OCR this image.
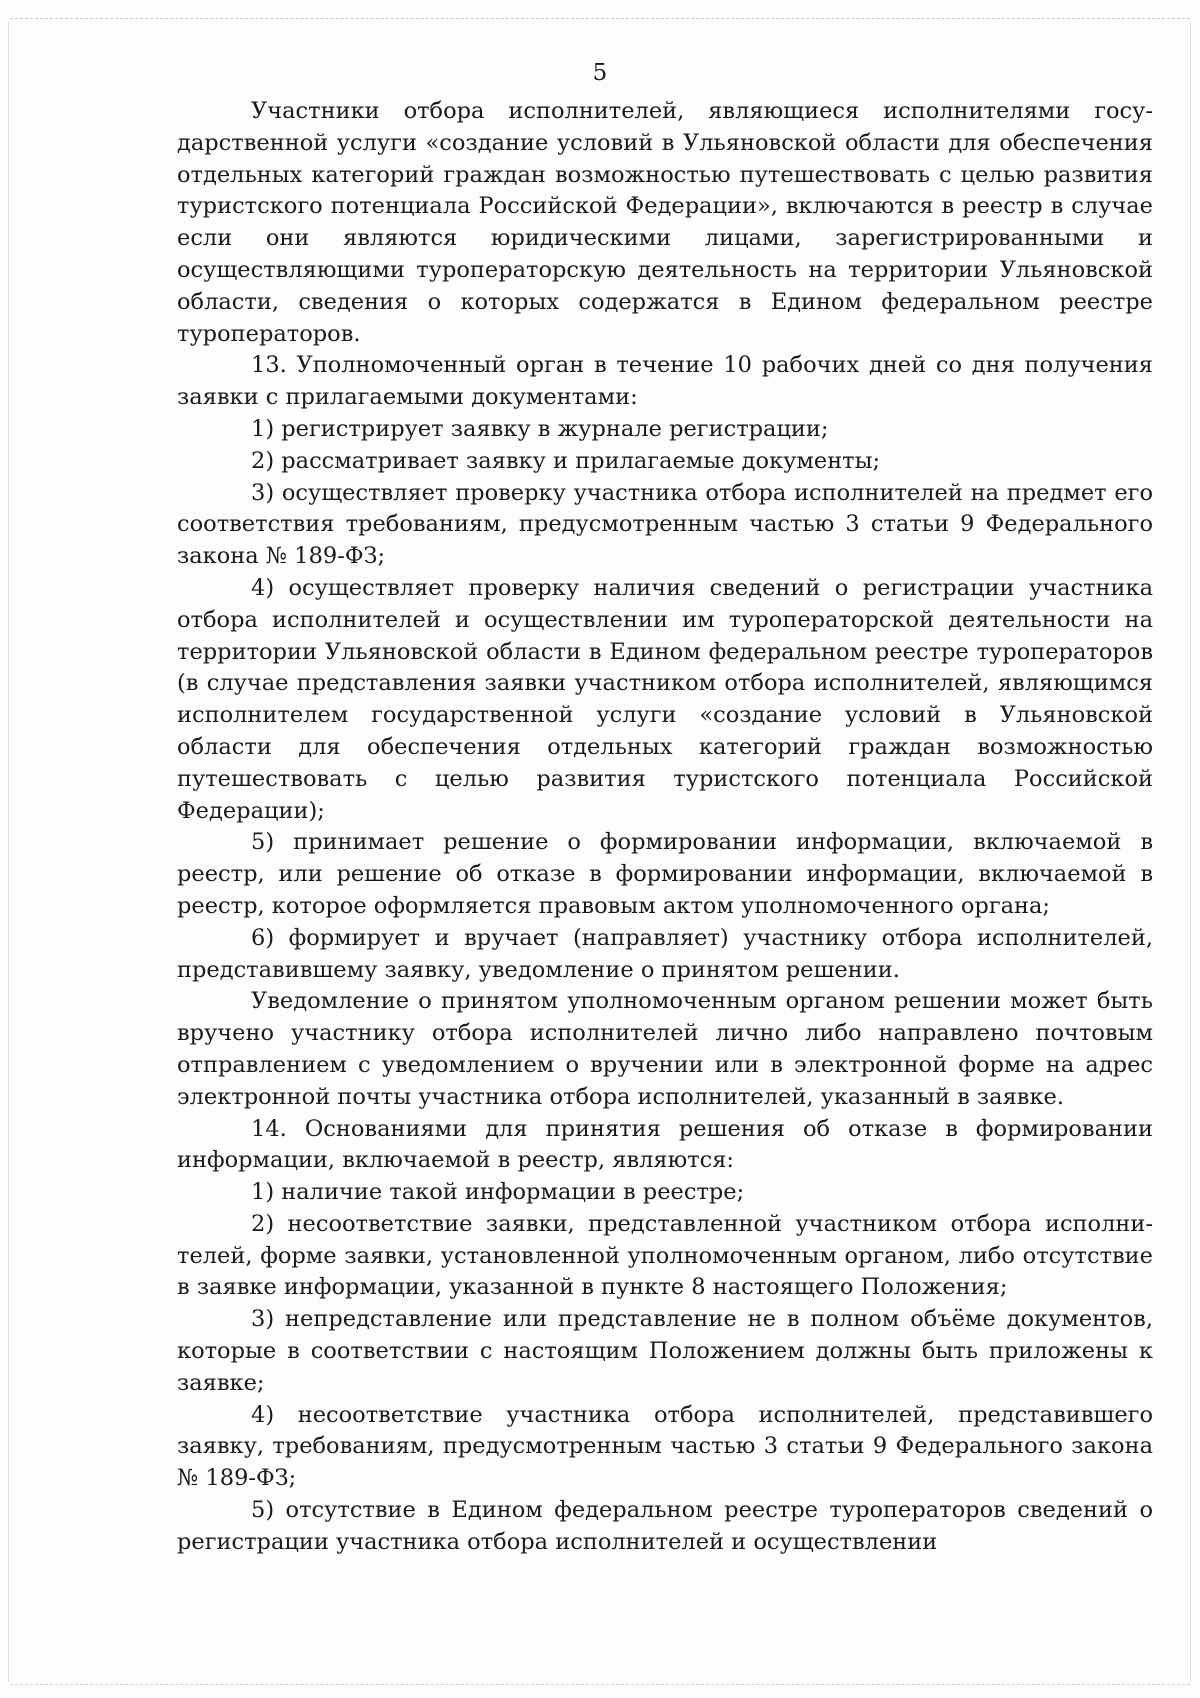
5

Участники отбора исполнителей, являющиеся исполнителями государственной услуги «создание условий в Ульяновской области для обеспечения отдельных категорий граждан возможностью путешествовать с целью развития туристского потенциала Российской Федерации», включаются в реестр в случае если они являются юридическими лицами, зарегистрированными и осуществляющими туроператорскую деятельность на территории Ульяновской области, сведения о которых содержатся в Едином федеральном реестре туроператоров.

13. Уполномоченный орган в течение 10 рабочих дней со дня получения заявки с прилагаемыми документами:

1) регистрирует заявку в журнале регистрации;

2) рассматривает заявку и прилагаемые документы;

3) осуществляет проверку участника отбора исполнителей на предмет его соответствия требованиям, предусмотренным частью 3 статьи 9 Федерального закона № 189-ФЗ;

4) осуществляет проверку наличия сведений о регистрации участника отбора исполнителей и осуществлении им туроператорской деятельности на территории Ульяновской области в Едином федеральном реестре туроператоров (в случае представления заявки участником отбора исполнителей, являющимся исполнителем государственной услуги «создание условий в Ульяновской области для обеспечения отдельных категорий граждан возможностью путешествовать с целью развития туристского потенциала Российской Федерации);

5) принимает решение о формировании информации, включаемой в реестр, или решение об отказе в формировании информации, включаемой в реестр, которое оформляется правовым актом уполномоченного органа;

6) формирует и вручает (направляет) участнику отбора исполнителей, представившему заявку, уведомление о принятом решении.

Уведомление о принятом уполномоченным органом решении может быть вручено участнику отбора исполнителей лично либо направлено почтовым отправлением с уведомлением о вручении или в электронной форме на адрес электронной почты участника отбора исполнителей, указанный в заявке.

14. Основаниями для принятия решения об отказе в формировании информации, включаемой в реестр, являются:

1) наличие такой информации в реестре;

2) несоответствие заявки, представленной участником отбора исполнителей, форме заявки, установленной уполномоченным органом, либо отсутствие в заявке информации, указанной в пункте 8 настоящего Положения;

3) непредставление или представление не в полном объёме документов, которые в соответствии с настоящим Положением должны быть приложены к заявке;

4) несоответствие участника отбора исполнителей, представившего заявку, требованиям, предусмотренным частью 3 статьи 9 Федерального закона № 189-ФЗ;

5) отсутствие в Едином федеральном реестре туроператоров сведений о регистрации участника отбора исполнителей и осуществлении
